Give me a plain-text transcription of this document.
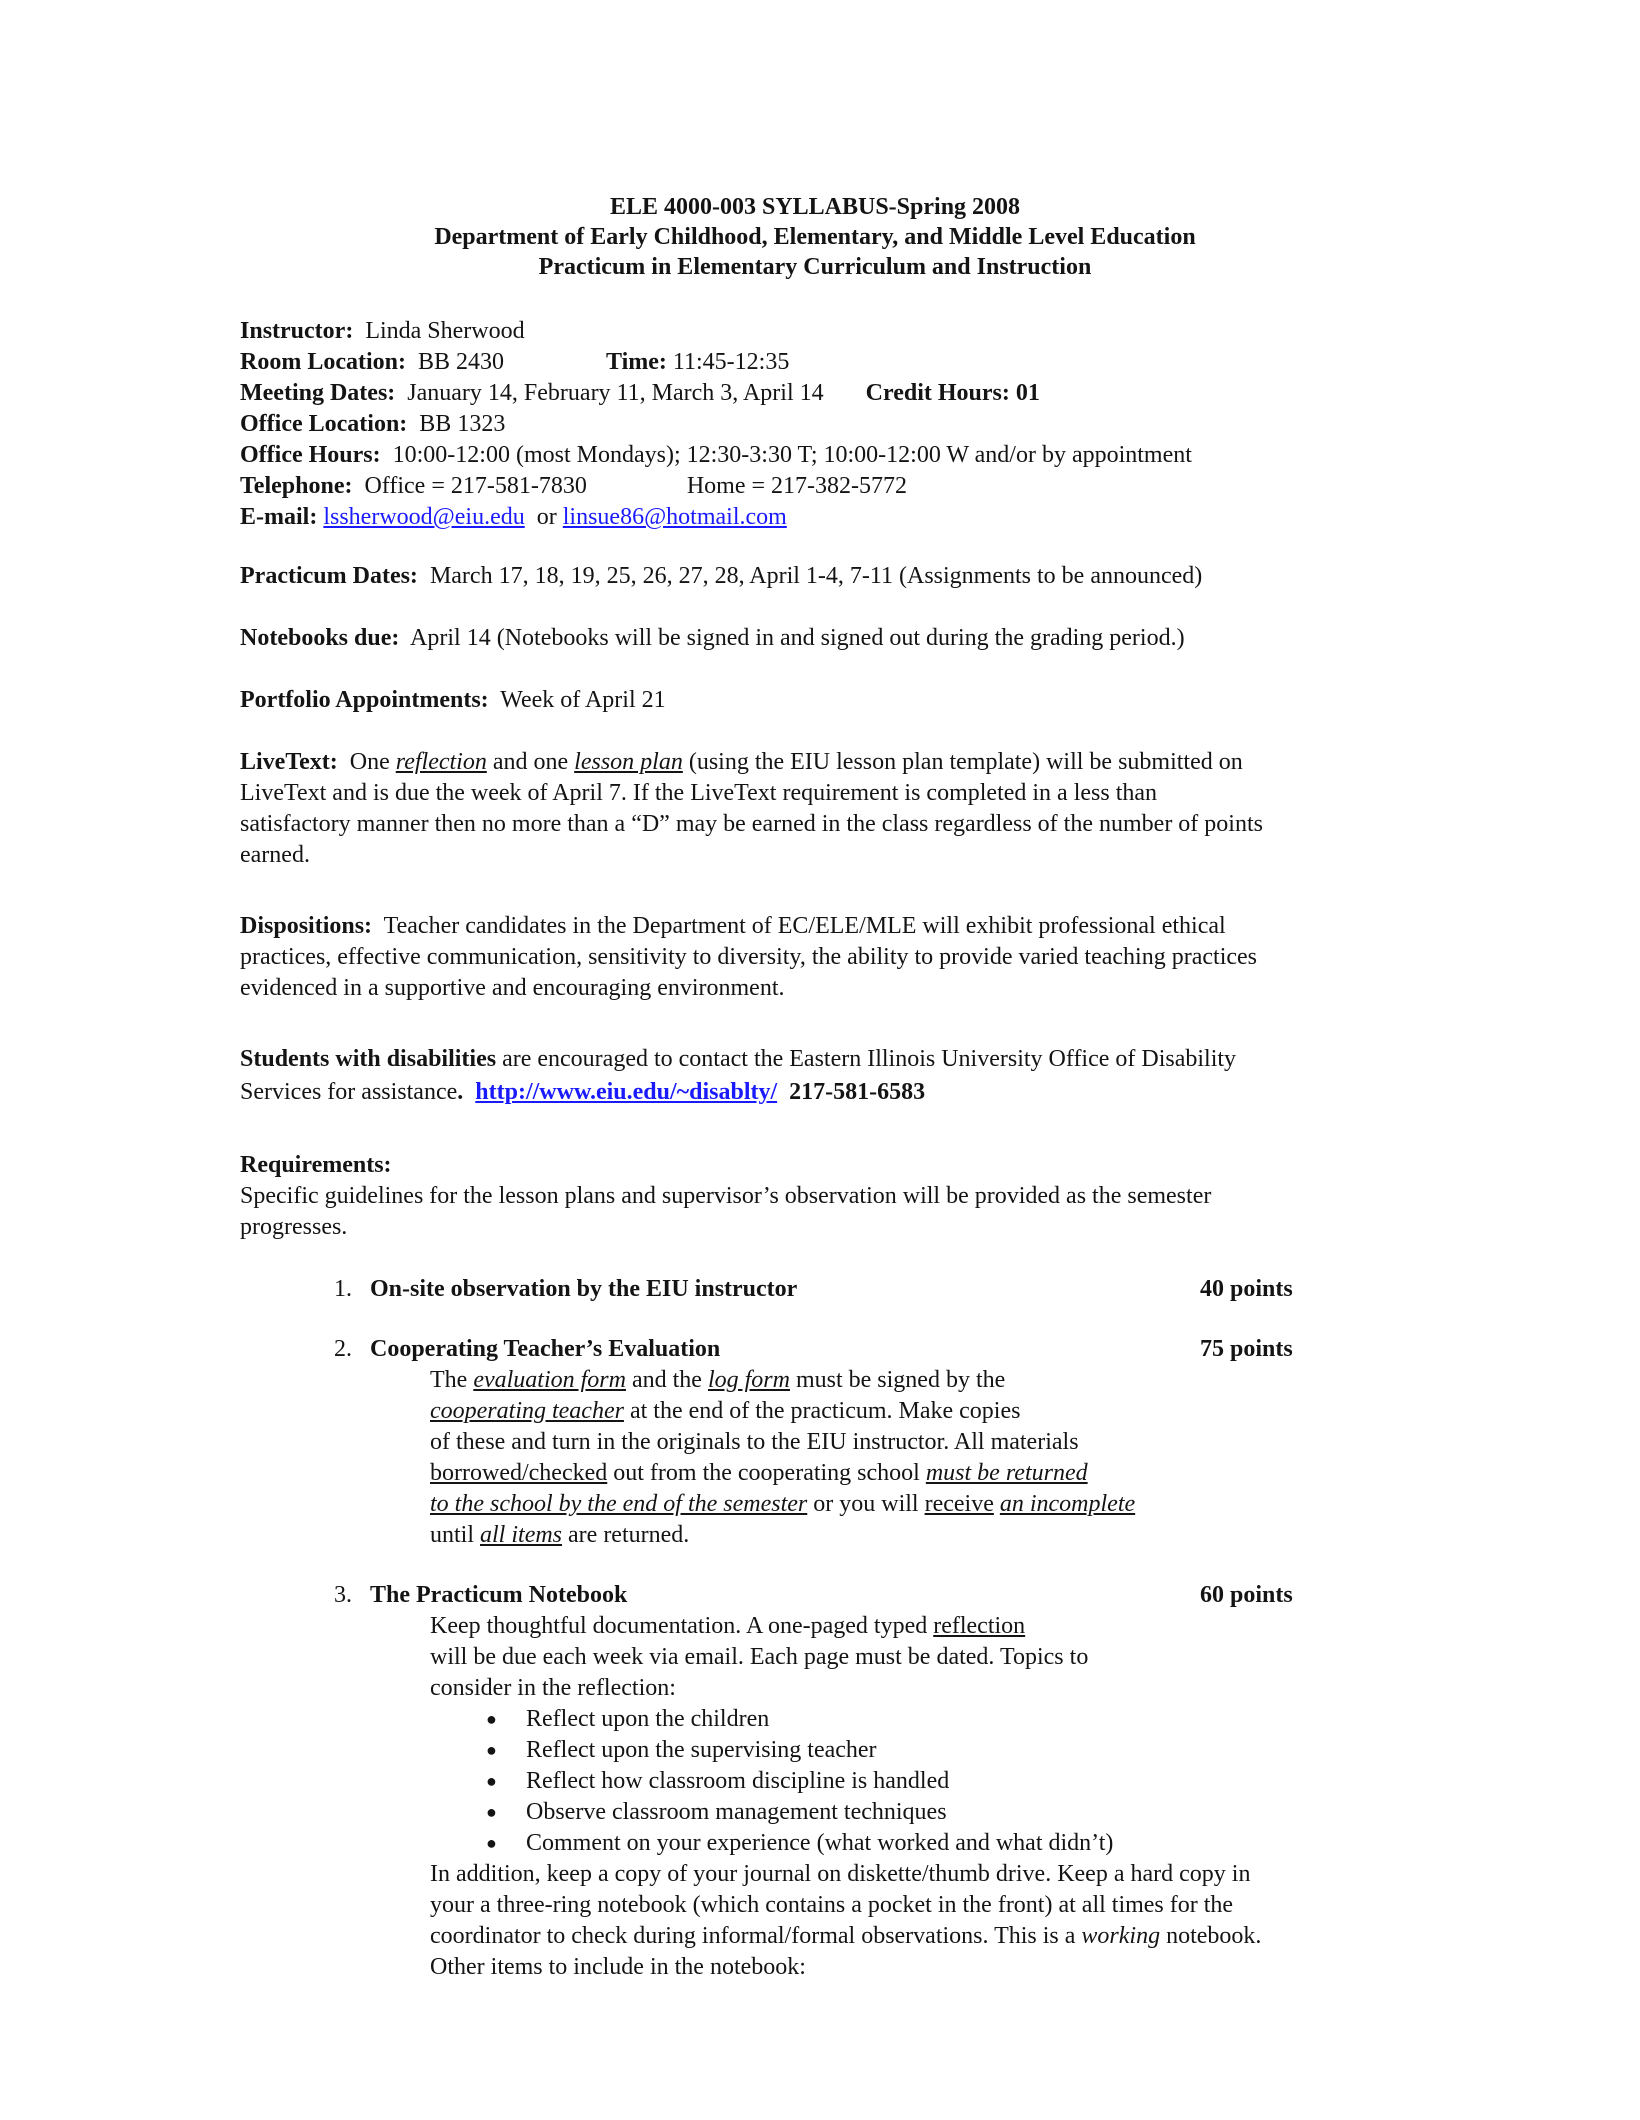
ELE 4000-003 SYLLABUS-Spring 2008
Department of Early Childhood, Elementary, and Middle Level Education
Practicum in Elementary Curriculum and Instruction
Instructor: Linda Sherwood
Room Location: BB 2430	Time: 11:45-12:35
Meeting Dates: January 14, February 11, March 3, April 14 Credit Hours: 01
Office Location: BB 1323
Office Hours: 10:00-12:00 (most Mondays); 12:30-3:30 T; 10:00-12:00 W and/or by appointment
Telephone: Office = 217-581-7830	Home = 217-382-5772
E-mail: lssherwood@eiu.edu or linsue86@hotmail.com
Practicum Dates: March 17, 18, 19, 25, 26, 27, 28, April 1-4, 7-11 (Assignments to be announced)
Notebooks due: April 14 (Notebooks will be signed in and signed out during the grading period.)
Portfolio Appointments: Week of April 21
LiveText: One reflection and one lesson plan (using the EIU lesson plan template) will be submitted on
LiveText and is due the week of April 7. If the LiveText requirement is completed in a less than
satisfactory manner then no more than a “D” may be earned in the class regardless of the number of points
earned.
Dispositions: Teacher candidates in the Department of EC/ELE/MLE will exhibit professional ethical
practices, effective communication, sensitivity to diversity, the ability to provide varied teaching practices
evidenced in a supportive and encouraging environment.
Students with disabilities are encouraged to contact the Eastern Illinois University Office of Disability
Services for assistance. http://www.eiu.edu/~disablty/ 217-581-6583
Requirements:
Specific guidelines for the lesson plans and supervisor’s observation will be provided as the semester
progresses.
1. On-site observation by the EIU instructor	40 points
2. Cooperating Teacher’s Evaluation	75 points
The evaluation form and the log form must be signed by the
cooperating teacher at the end of the practicum. Make copies
of these and turn in the originals to the EIU instructor. All materials
borrowed/checked out from the cooperating school must be returned
to the school by the end of the semester or you will receive an incomplete
until all items are returned.
3. The Practicum Notebook	60 points
Keep thoughtful documentation. A one-paged typed reflection
will be due each week via email. Each page must be dated. Topics to
consider in the reflection:
● Reflect upon the children
● Reflect upon the supervising teacher
● Reflect how classroom discipline is handled
● Observe classroom management techniques
● Comment on your experience (what worked and what didn’t)
In addition, keep a copy of your journal on diskette/thumb drive. Keep a hard copy in
your a three-ring notebook (which contains a pocket in the front) at all times for the
coordinator to check during informal/formal observations. This is a working notebook.
Other items to include in the notebook:
